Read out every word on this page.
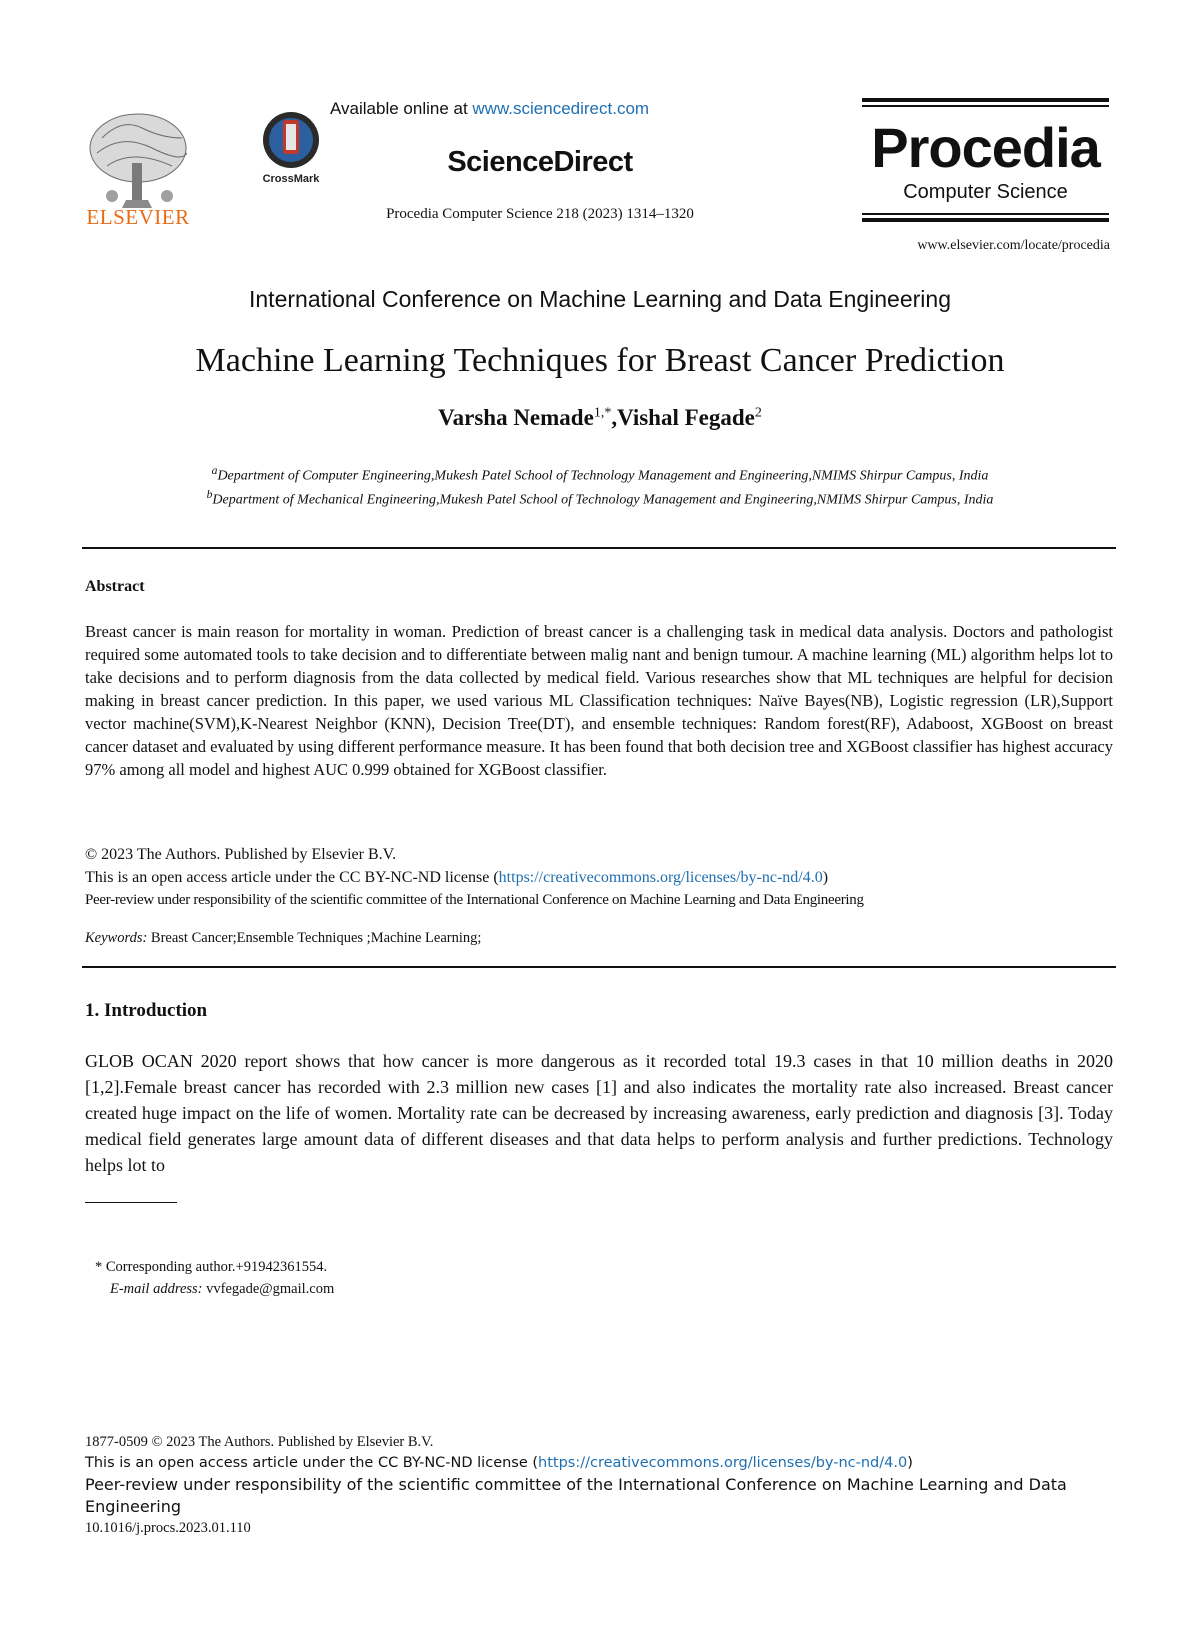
ELSEVIER
CrossMark
Available online at www.sciencedirect.com
ScienceDirect
Procedia Computer Science 218 (2023) 1314–1320
Procedia
Computer Science
www.elsevier.com/locate/procedia
International Conference on Machine Learning and Data Engineering
Machine Learning Techniques for Breast Cancer Prediction
Varsha Nemade$^{1,*}$,Vishal Fegade$^2$
$^a$Department of Computer Engineering,Mukesh Patel School of Technology Management and Engineering,NMIMS Shirpur Campus, India
$^b$Department of Mechanical Engineering,Mukesh Patel School of Technology Management and Engineering,NMIMS Shirpur Campus, India
Abstract
Breast cancer is main reason for mortality in woman. Prediction of breast cancer is a challenging task in medical data analysis. Doctors and pathologist required some automated tools to take decision and to differentiate between malig nant and benign tumour. A machine learning (ML) algorithm helps lot to take decisions and to perform diagnosis from the data collected by medical field. Various researches show that ML techniques are helpful for decision making in breast cancer prediction. In this paper, we used various ML Classification techniques: Naïve Bayes(NB), Logistic regression (LR),Support vector machine(SVM),K-Nearest Neighbor (KNN), Decision Tree(DT), and ensemble techniques: Random forest(RF), Adaboost, XGBoost on breast cancer dataset and evaluated by using different performance measure. It has been found that both decision tree and XGBoost classifier has highest accuracy 97% among all model and highest AUC 0.999 obtained for XGBoost classifier.
© 2023 The Authors. Published by Elsevier B.V.
This is an open access article under the CC BY-NC-ND license (https://creativecommons.org/licenses/by-nc-nd/4.0)
Peer-review under responsibility of the scientific committee of the International Conference on Machine Learning and Data Engineering
Keywords: Breast Cancer;Ensemble Techniques ;Machine Learning;
1. Introduction
GLOB OCAN 2020 report shows that how cancer is more dangerous as it recorded total 19.3 cases in that 10 million deaths in 2020 [1,2].Female breast cancer has recorded with 2.3 million new cases [1] and also indicates the mortality rate also increased. Breast cancer created huge impact on the life of women. Mortality rate can be decreased by increasing awareness, early prediction and diagnosis [3]. Today medical field generates large amount data of different diseases and that data helps to perform analysis and further predictions. Technology helps lot to
* Corresponding author.+91942361554.
E-mail address: vvfegade@gmail.com
1877-0509 © 2023 The Authors. Published by Elsevier B.V.
This is an open access article under the CC BY-NC-ND license (https://creativecommons.org/licenses/by-nc-nd/4.0)
Peer-review under responsibility of the scientific committee of the International Conference on Machine Learning and Data Engineering
10.1016/j.procs.2023.01.110
